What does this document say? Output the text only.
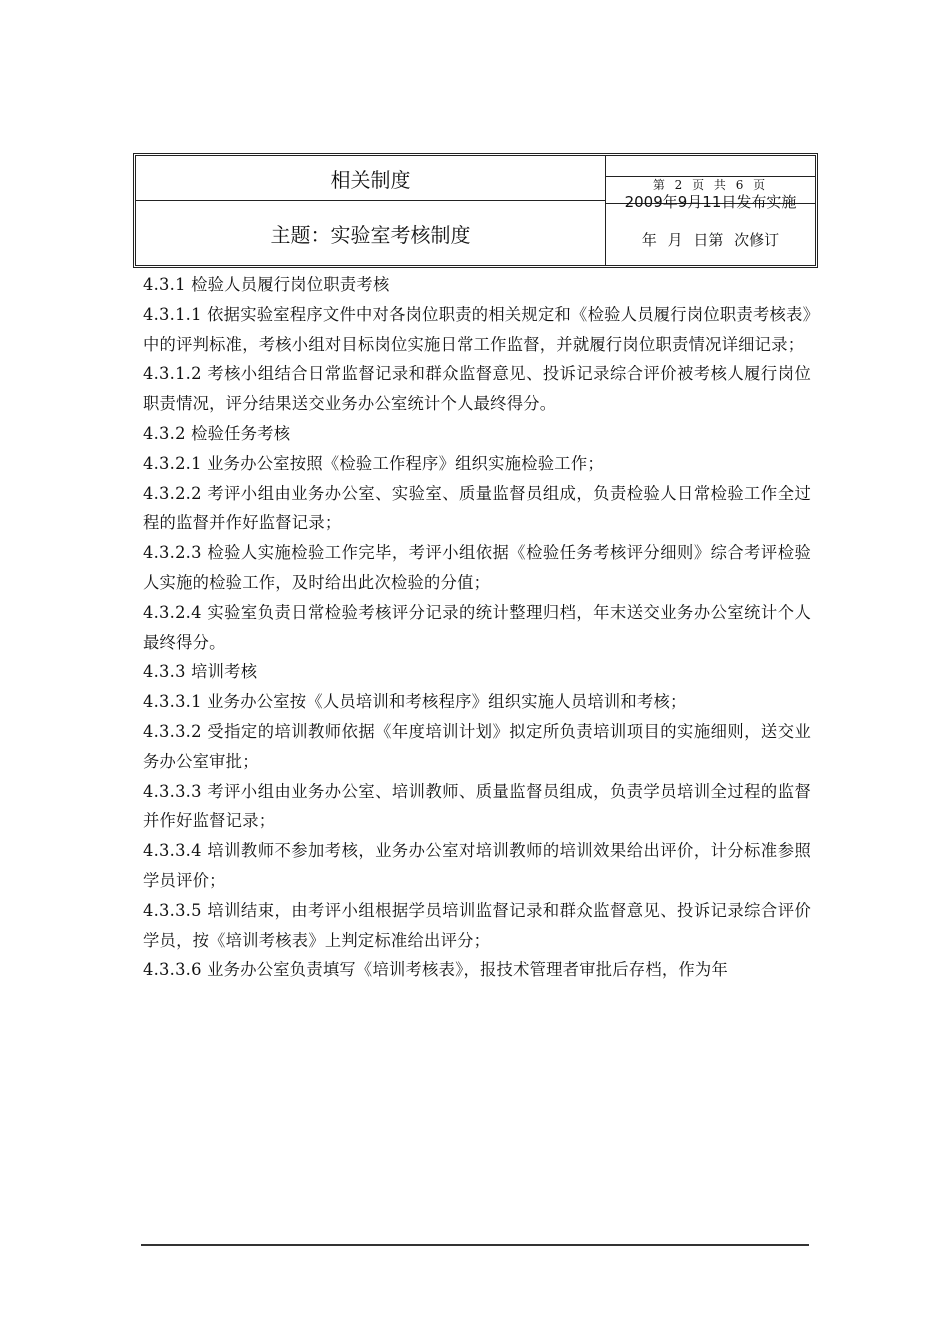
相关制度
主题：实验室考核制度
第 2 页 共 6 页
2009年9月11日发布实施
年 月 日第 次修订

4.3.1 检验人员履行岗位职责考核

4.3.1.1 依据实验室程序文件中对各岗位职责的相关规定和《检验人员履行岗位职责考核表》中的评判标准，考核小组对目标岗位实施日常工作监督，并就履行岗位职责情况详细记录；

4.3.1.2 考核小组结合日常监督记录和群众监督意见、投诉记录综合评价被考核人履行岗位职责情况，评分结果送交业务办公室统计个人最终得分。

4.3.2 检验任务考核

4.3.2.1 业务办公室按照《检验工作程序》组织实施检验工作；

4.3.2.2 考评小组由业务办公室、实验室、质量监督员组成，负责检验人日常检验工作全过程的监督并作好监督记录；

4.3.2.3 检验人实施检验工作完毕，考评小组依据《检验任务考核评分细则》综合考评检验人实施的检验工作，及时给出此次检验的分值；

4.3.2.4 实验室负责日常检验考核评分记录的统计整理归档，年末送交业务办公室统计个人最终得分。

4.3.3 培训考核

4.3.3.1 业务办公室按《人员培训和考核程序》组织实施人员培训和考核；

4.3.3.2 受指定的培训教师依据《年度培训计划》拟定所负责培训项目的实施细则，送交业务办公室审批；

4.3.3.3 考评小组由业务办公室、培训教师、质量监督员组成，负责学员培训全过程的监督并作好监督记录；

4.3.3.4 培训教师不参加考核，业务办公室对培训教师的培训效果给出评价，计分标准参照学员评价；

4.3.3.5 培训结束，由考评小组根据学员培训监督记录和群众监督意见、投诉记录综合评价学员，按《培训考核表》上判定标准给出评分；

4.3.3.6 业务办公室负责填写《培训考核表》，报技术管理者审批后存档，作为年
